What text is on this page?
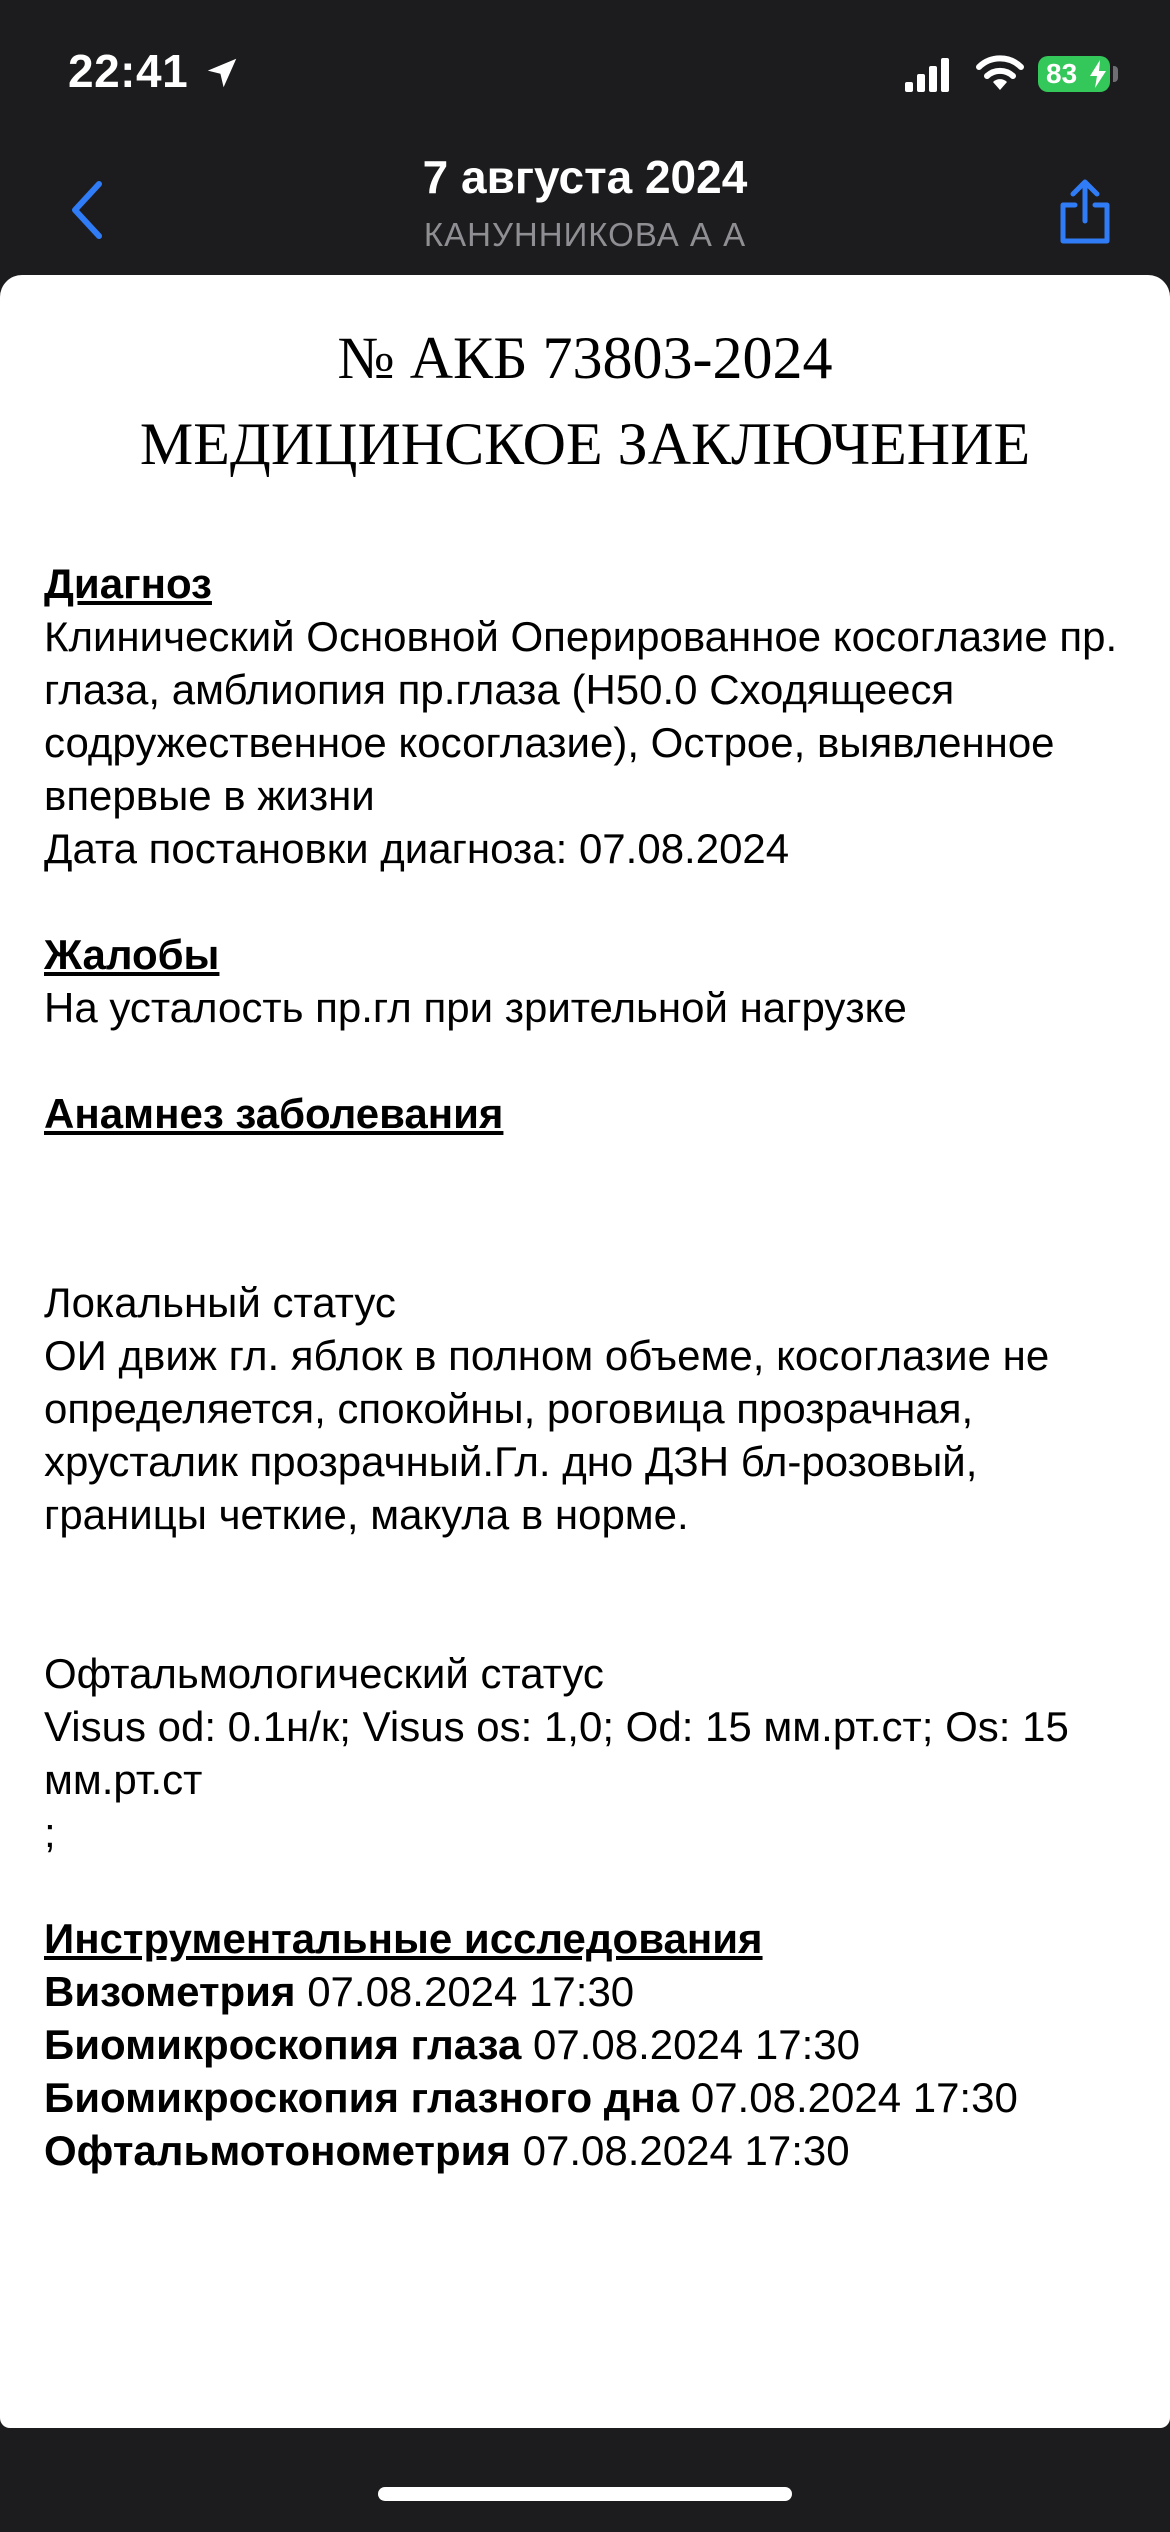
22:41	83
7 августа 2024
КАНУННИКОВА А А

№ АКБ 73803-2024

МЕДИЦИНСКОЕ ЗАКЛЮЧЕНИЕ

Диагноз
Клинический Основной Оперированное косоглазие пр. глаза, амблиопия пр.глаза (H50.0 Сходящееся содружественное косоглазие), Острое, выявленное впервые в жизни
Дата постановки диагноза: 07.08.2024
Жалобы
На усталость пр.гл при зрительной нагрузке
Анамнез заболевания
Локальный статус
ОИ движ гл. яблок в полном объеме, косоглазие не определяется, спокойны, роговица прозрачная, хрусталик прозрачный.Гл. дно ДЗН бл-розовый, границы четкие, макула в норме.
Офтальмологический статус
Visus od: 0.1н/к; Visus os: 1,0; Od: 15 мм.рт.ст; Os: 15 мм.рт.ст
;
Инструментальные исследования
Визометрия 07.08.2024 17:30
Биомикроскопия глаза 07.08.2024 17:30
Биомикроскопия глазного дна 07.08.2024 17:30
Офтальмотонометрия 07.08.2024 17:30
